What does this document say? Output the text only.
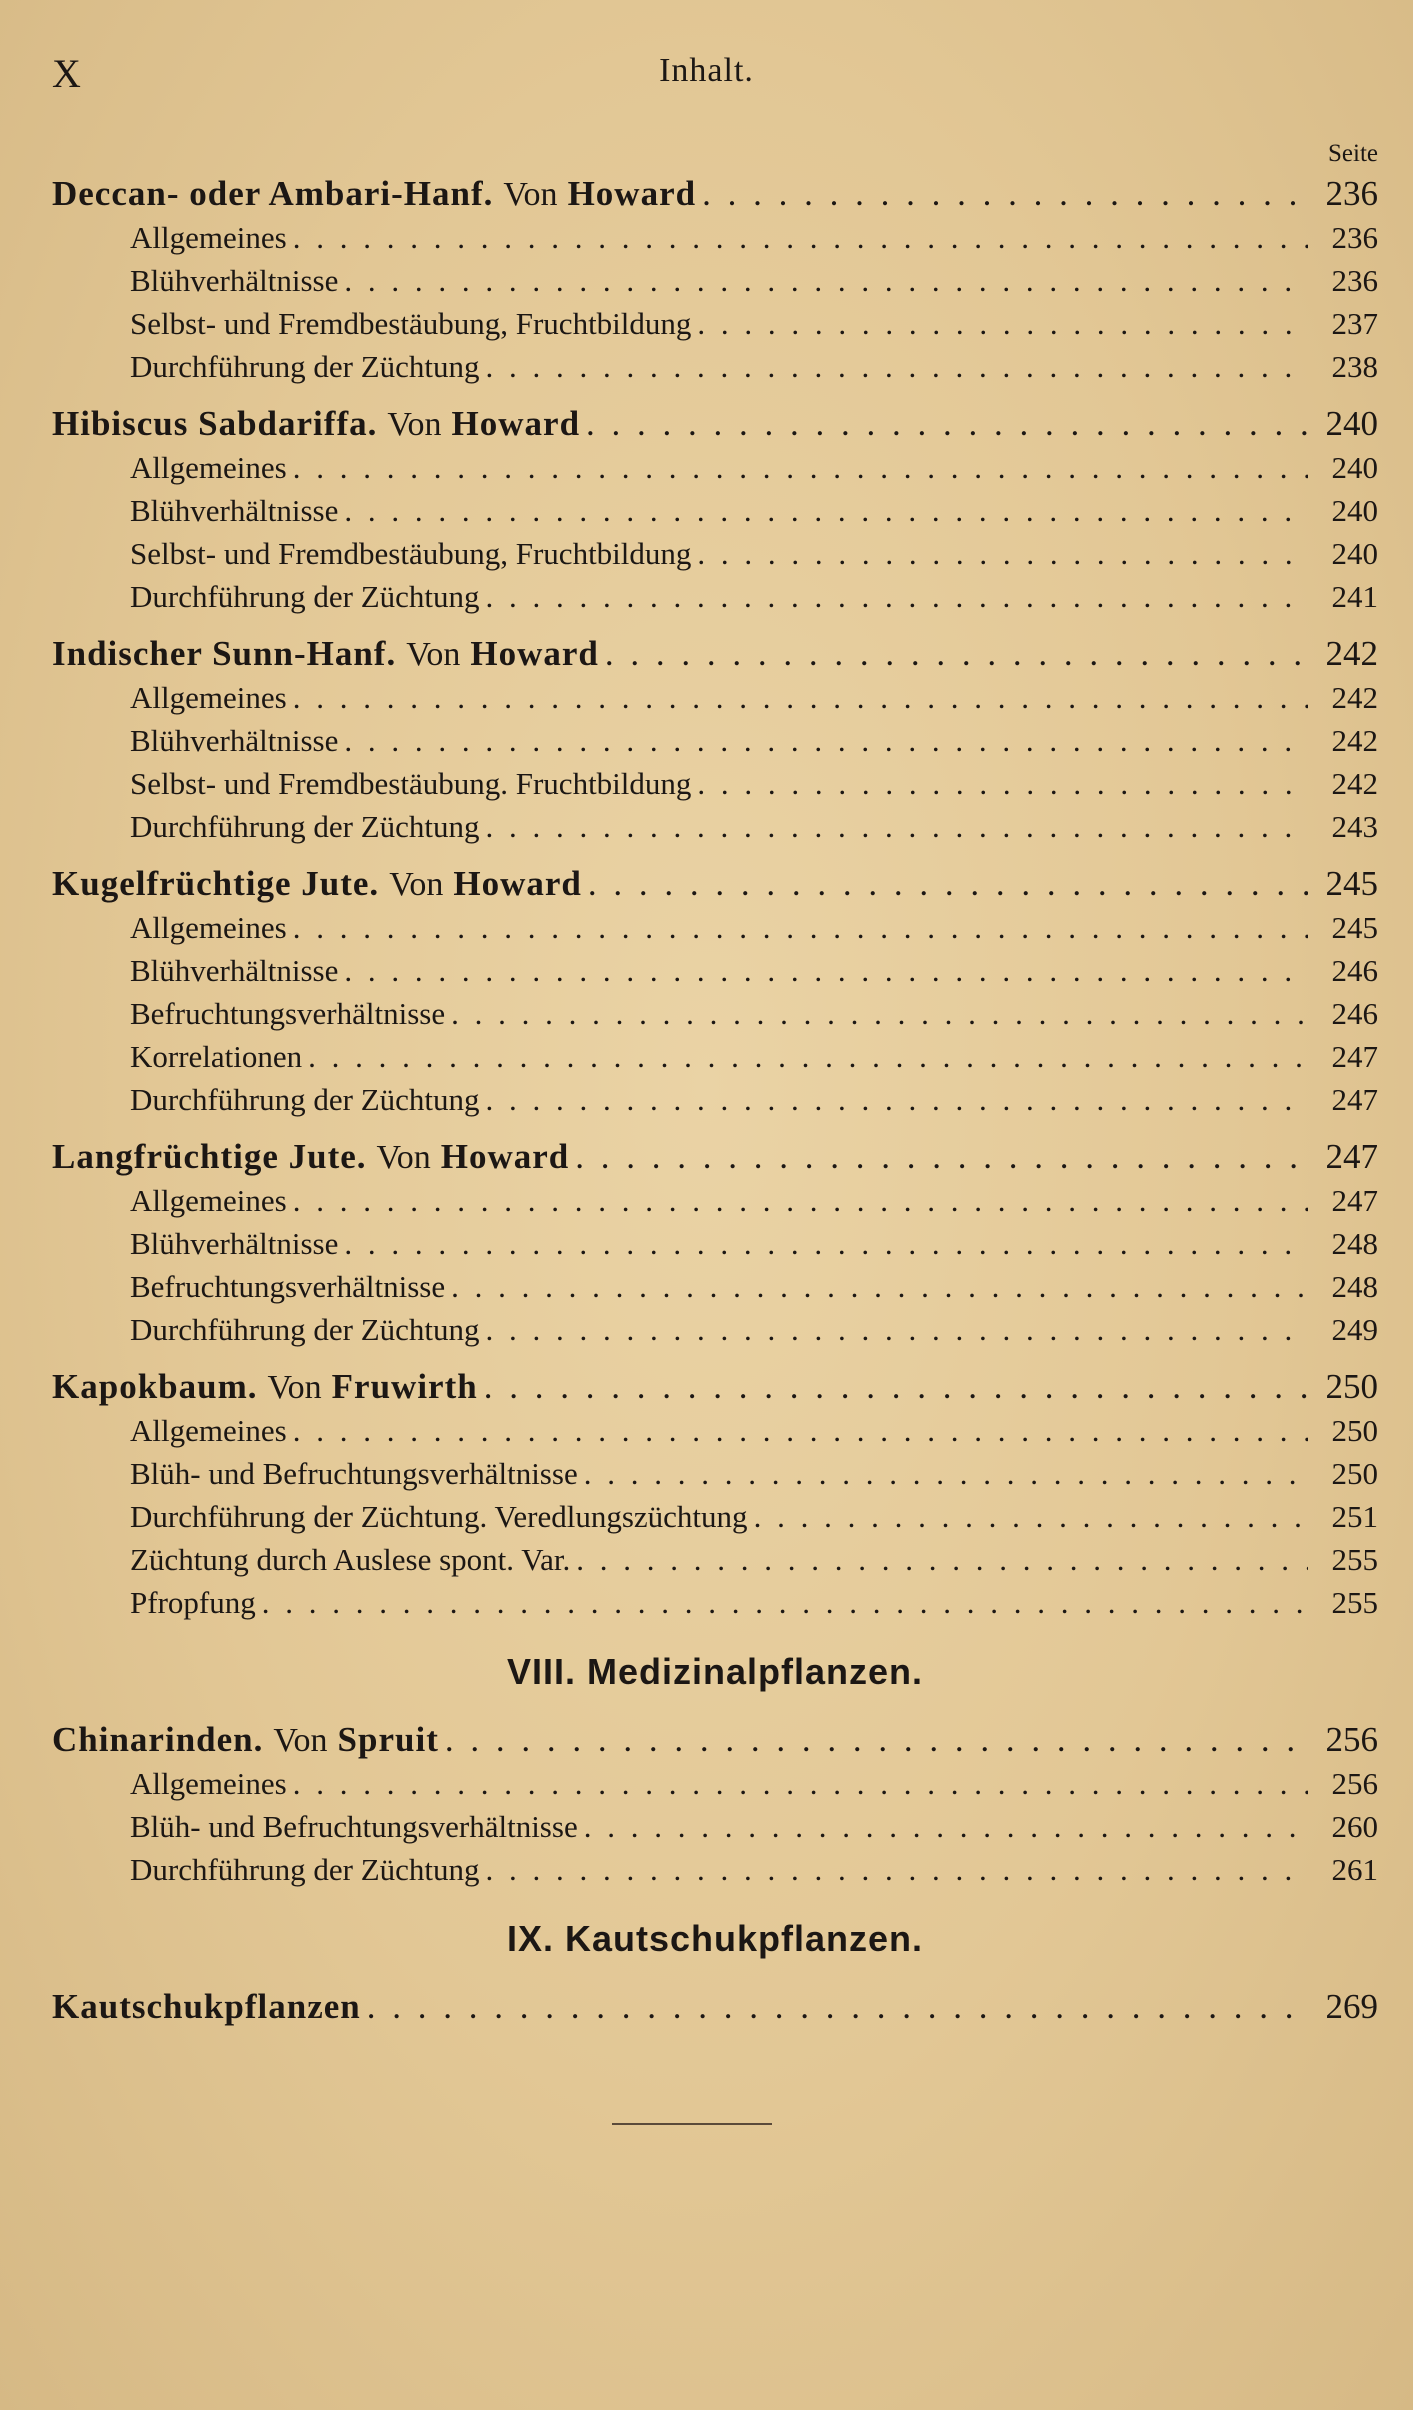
X	Inhalt.
Seite
Deccan- oder Ambari-Hanf. Von Howard . . .	236
Allgemeines . . .	236
Blühverhältnisse . . .	236
Selbst- und Fremdbestäubung, Fruchtbildung . . .	237
Durchführung der Züchtung . . .	238
Hibiscus Sabdariffa. Von Howard . . .	240
Allgemeines . . .	240
Blühverhältnisse . . .	240
Selbst- und Fremdbestäubung, Fruchtbildung . . .	240
Durchführung der Züchtung . . .	241
Indischer Sunn-Hanf. Von Howard . . .	242
Allgemeines . . .	242
Blühverhältnisse . . .	242
Selbst- und Fremdbestäubung. Fruchtbildung . . .	242
Durchführung der Züchtung . . .	243
Kugelfrüchtige Jute. Von Howard . . .	245
Allgemeines . . .	245
Blühverhältnisse . . .	246
Befruchtungsverhältnisse . . .	246
Korrelationen . . .	247
Durchführung der Züchtung . . .	247
Langfrüchtige Jute. Von Howard . . .	247
Allgemeines . . .	247
Blühverhältnisse . . .	248
Befruchtungsverhältnisse . . .	248
Durchführung der Züchtung . . .	249
Kapokbaum. Von Fruwirth . . .	250
Allgemeines . . .	250
Blüh- und Befruchtungsverhältnisse . . .	250
Durchführung der Züchtung. Veredlungszüchtung . . .	251
Züchtung durch Auslese spont. Var. . . .	255
Pfropfung . . .	255
VIII. Medizinalpflanzen.
Chinarinden. Von Spruit . . .	256
Allgemeines . . .	256
Blüh- und Befruchtungsverhältnisse . . .	260
Durchführung der Züchtung . . .	261
IX. Kautschukpflanzen.
Kautschukpflanzen . . .	269
